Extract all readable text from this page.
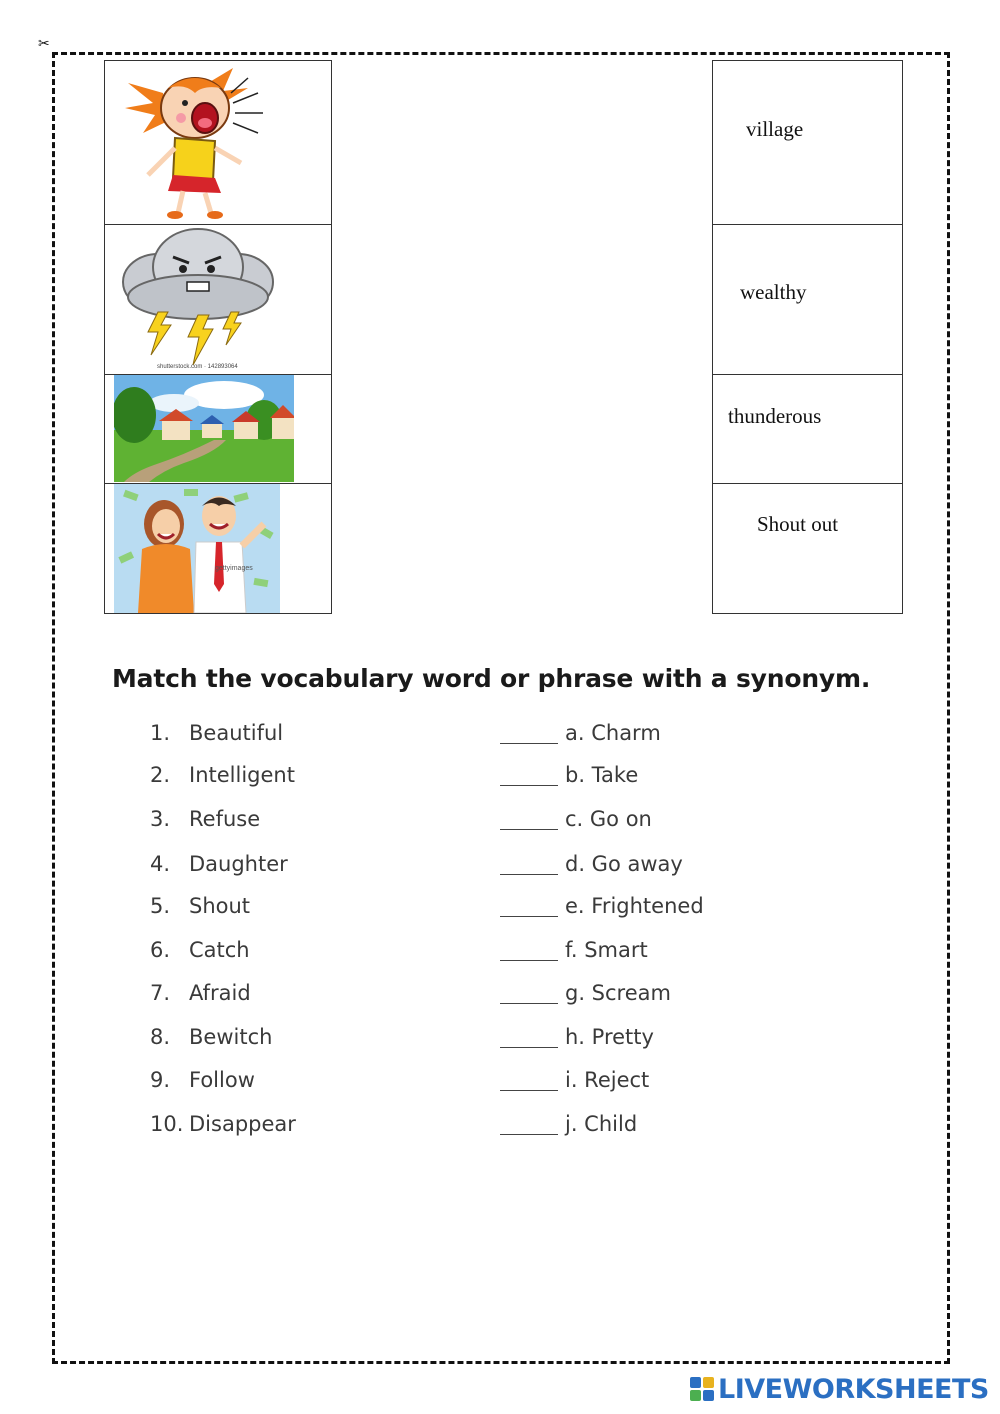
✂
shutterstock.com · 142893064
gettyimages
village
wealthy
thunderous
Shout out
Match the vocabulary word or phrase with a synonym.
1. Beautiful	a. Charm
2. Intelligent	b. Take
3. Refuse	c. Go on
4. Daughter	d. Go away
5. Shout	e. Frightened
6. Catch	f. Smart
7. Afraid	g. Scream
8. Bewitch	h. Pretty
9. Follow	i. Reject
10. Disappear	j. Child
LIVEWORKSHEETS
